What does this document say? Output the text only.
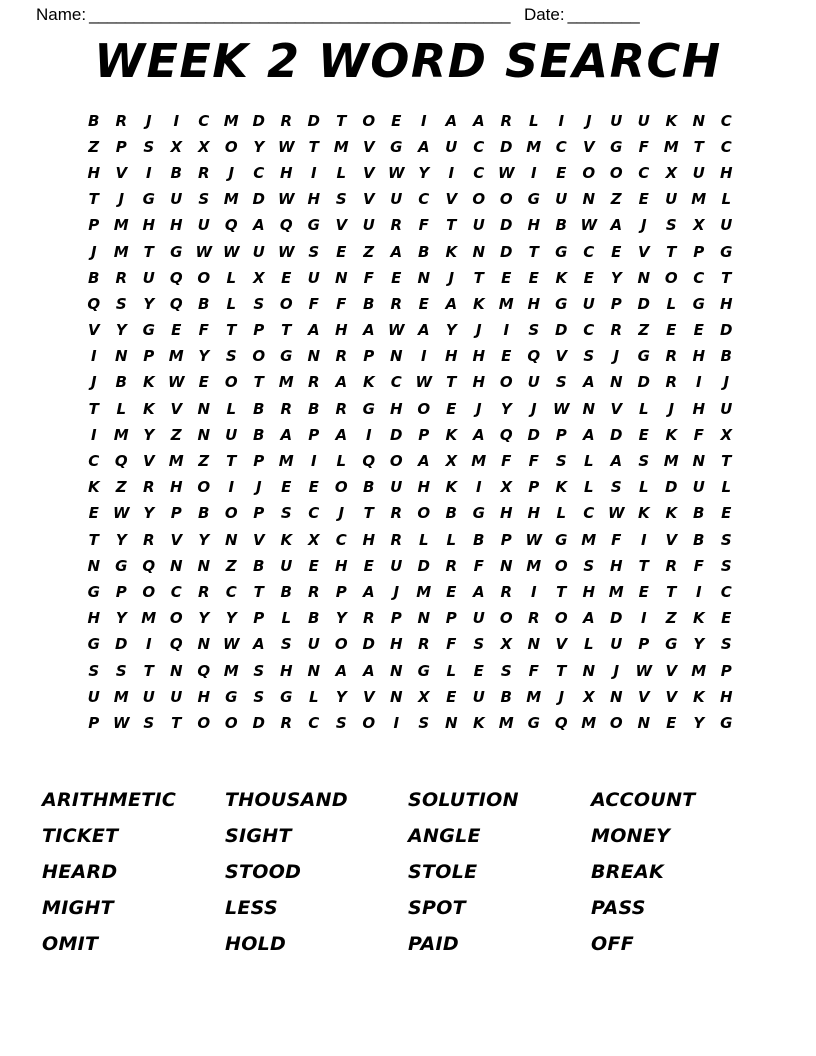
Name: _______________________________________________ Date: ________
WEEK 2 WORD SEARCH
B	R	J	I	C M D	R	D	T	O	E	I	A	A	R	L	I	J	U	U	K	N	C
Z	P	S	X	X	O	Y W T M V	G	A	U	C	D M C	V	G	F M T	C
H	V	I	B	R	J	C	H	I	L	V W Y	I	C W	I	E	O O	C	X	U	H
T	J	G	U	S M D W H	S	V	U	C	V	O O G	U	N	Z	E	U M	L
P M H H	U	Q	A	Q G	V	U	R	F	T	U	D	H	B W A	J	S	X	U
J	M T	G W W U W S	E	Z	A	B	K	N D	T	G	C	E	V	T	P	G
B	R	U	Q O	L	X	E	U	N	F	E	N	J	T	E	E	K	E	Y	N O	C	T
Q	S	Y	Q	B	L	S	O	F	F	B	R	E	A	K M H	G	U	P	D	L	G	H
V	Y	G	E	F	T	P	T	A	H	A W A	Y	J	I	S	D	C	R	Z	E	E	D
I	N	P M Y	S	O G	N	R	P	N	I	H H	E	Q	V	S	J	G	R	H	B
J	B	K W E	O	T M R	A	K	C W T	H O	U	S	A	N D	R	I	J
T	L	K	V	N	L	B	R	B	R	G	H O	E	J	Y	J	W N	V	L	J	H	U
I	M Y	Z	N	U	B	A	P	A	I	D	P	K	A	Q D	P	A	D	E	K	F	X
C	Q	V M Z	T	P M	I	L	Q O	A	X M F	F	S	L	A	S M N	T
K	Z	R	H O	I	J	E	E	O	B	U	H	K	I	X	P	K	L	S	L	D	U	L
E W Y	P	B	O	P	S	C	J	T	R	O	B	G	H H	L	C W K	K	B	E
T	Y	R	V	Y	N	V	K	X	C	H	R	L	L	B	P W G M F	I	V	B	S
N	G Q N N	Z	B	U	E	H	E	U	D	R	F	N M O	S	H	T	R	F	S
G	P	O	C	R	C	T	B	R	P	A	J	M E	A	R	I	T	H M E	T	I	C
H	Y M O	Y	Y	P	L	B	Y	R	P	N	P	U	O	R	O	A	D	I	Z	K	E
G	D	I	Q N W A	S	U	O D	H	R	F	S	X	N	V	L	U	P	G	Y	S
S	S	T	N Q M S	H N	A	A	N	G	L	E	S	F	T	N	J	W V M P
U M U	U	H	G	S	G	L	Y	V	N	X	E	U	B M	J	X	N	V	V	K	H
P W S	T	O O D	R	C	S	O	I	S	N	K M G Q M O N	E	Y	G
ARITHMETIC	THOUSAND	SOLUTION	ACCOUNT
TICKET	SIGHT	ANGLE	MONEY
HEARD	STOOD	STOLE	BREAK
MIGHT	LESS	SPOT	PASS
OMIT	HOLD	PAID	OFF
